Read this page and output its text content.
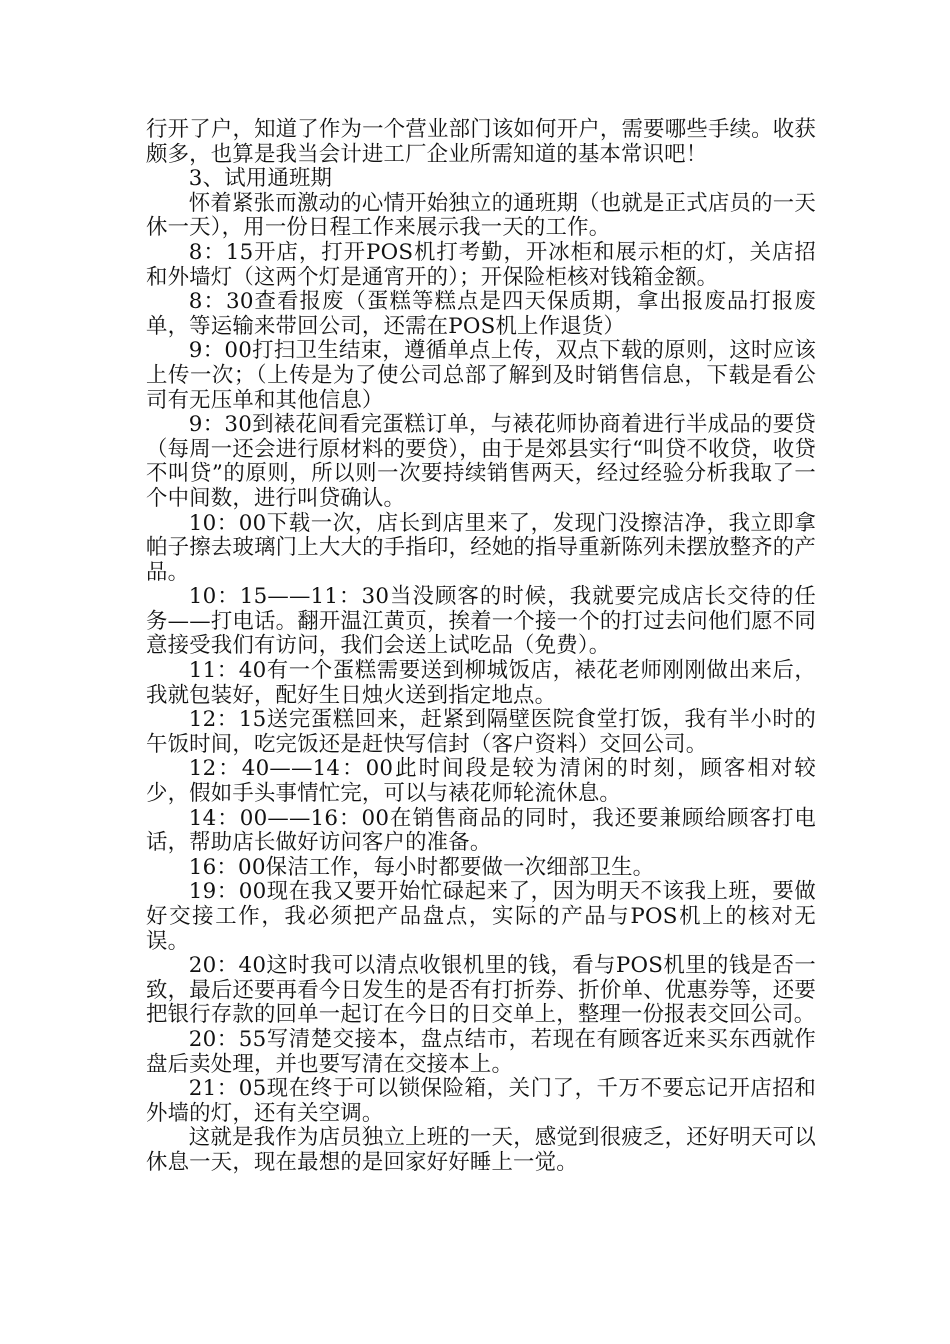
行开了户，知道了作为一个营业部门该如何开户，需要哪些手续。收获颇多，也算是我当会计进工厂企业所需知道的基本常识吧！

3、试用通班期

怀着紧张而激动的心情开始独立的通班期（也就是正式店员的一天休一天），用一份日程工作来展示我一天的工作。

8：15开店，打开POS机打考勤，开冰柜和展示柜的灯，关店招和外墙灯（这两个灯是通宵开的）；开保险柜核对钱箱金额。

8：30查看报废（蛋糕等糕点是四天保质期，拿出报废品打报废单，等运输来带回公司，还需在POS机上作退货）

9：00打扫卫生结束，遵循单点上传，双点下载的原则，这时应该上传一次；（上传是为了使公司总部了解到及时销售信息，下载是看公司有无压单和其他信息）

9：30到裱花间看完蛋糕订单，与裱花师协商着进行半成品的要贷（每周一还会进行原材料的要贷），由于是郊县实行“叫贷不收贷，收贷不叫贷”的原则，所以则一次要持续销售两天，经过经验分析我取了一个中间数，进行叫贷确认。

10：00下载一次，店长到店里来了，发现门没擦洁净，我立即拿帕子擦去玻璃门上大大的手指印，经她的指导重新陈列未摆放整齐的产品。

10：15——11：30当没顾客的时候，我就要完成店长交待的任务——打电话。翻开温江黄页，挨着一个接一个的打过去问他们愿不同意接受我们有访问，我们会送上试吃品（免费）。

11：40有一个蛋糕需要送到柳城饭店，裱花老师刚刚做出来后，我就包装好，配好生日烛火送到指定地点。

12：15送完蛋糕回来，赶紧到隔壁医院食堂打饭，我有半小时的午饭时间，吃完饭还是赶快写信封（客户资料）交回公司。

12：40——14：00此时间段是较为清闲的时刻，顾客相对较少，假如手头事情忙完，可以与裱花师轮流休息。

14：00——16：00在销售商品的同时，我还要兼顾给顾客打电话，帮助店长做好访问客户的准备。

16：00保洁工作，每小时都要做一次细部卫生。

19：00现在我又要开始忙碌起来了，因为明天不该我上班，要做好交接工作，我必须把产品盘点，实际的产品与POS机上的核对无误。

20：40这时我可以清点收银机里的钱，看与POS机里的钱是否一致，最后还要再看今日发生的是否有打折券、折价单、优惠券等，还要把银行存款的回单一起订在今日的日交单上，整理一份报表交回公司。

20：55写清楚交接本，盘点结市，若现在有顾客近来买东西就作盘后卖处理，并也要写清在交接本上。

21：05现在终于可以锁保险箱，关门了，千万不要忘记开店招和外墙的灯，还有关空调。

这就是我作为店员独立上班的一天，感觉到很疲乏，还好明天可以休息一天，现在最想的是回家好好睡上一觉。
